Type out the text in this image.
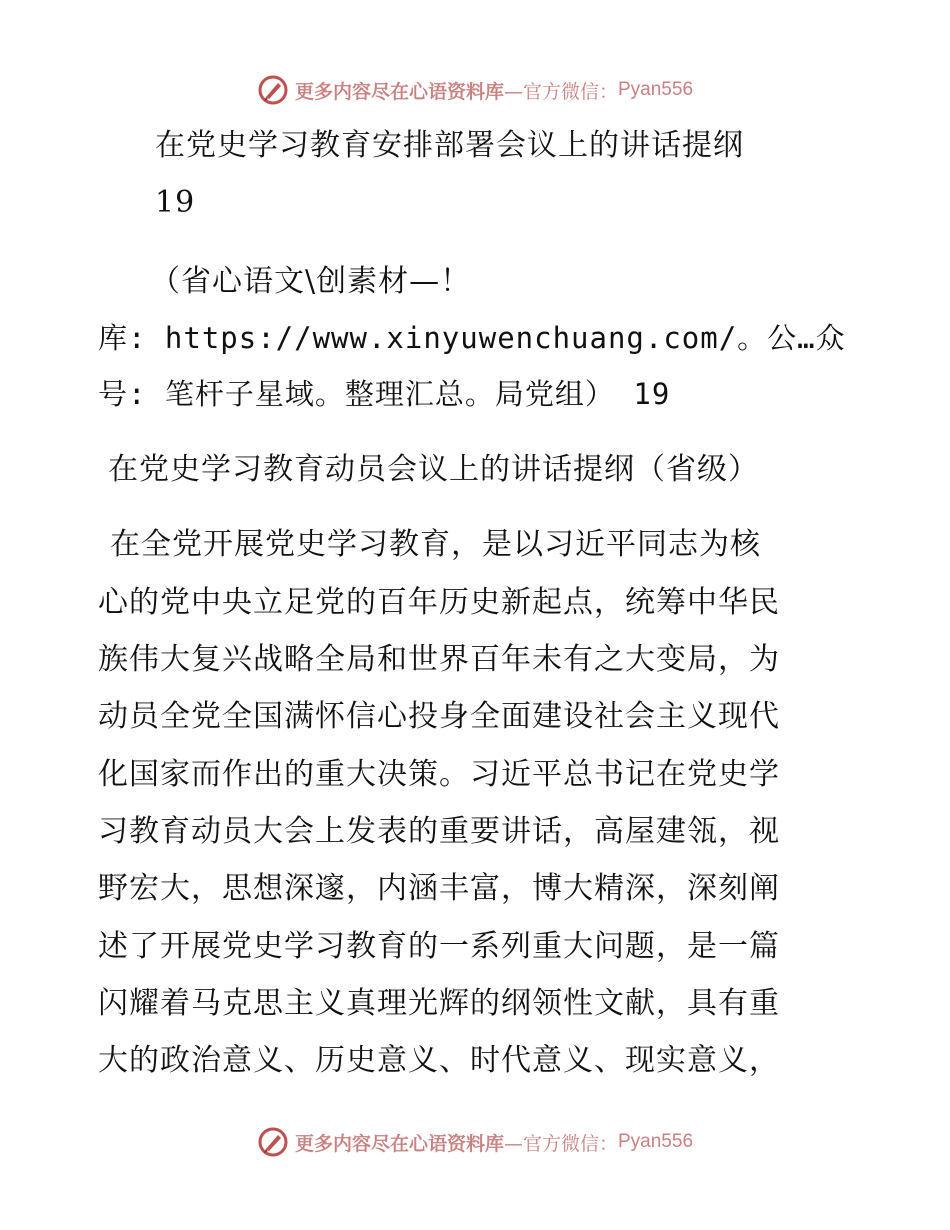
更多内容尽在心语资料库 —官方微信： Pyan556
在党史学习教育安排部署会议上的讲话提纲
19
（省心语文\创素材—！
库: https://www.xinyuwenchuang.com/。公…众
号: 笔杆子星域。整理汇总。局党组） 19
在党史学习教育动员会议上的讲话提纲（省级）
在全党开展党史学习教育，是以习近平同志为核
心的党中央立足党的百年历史新起点，统筹中华民
族伟大复兴战略全局和世界百年未有之大变局，为
动员全党全国满怀信心投身全面建设社会主义现代
化国家而作出的重大决策。习近平总书记在党史学
习教育动员大会上发表的重要讲话，高屋建瓴，视
野宏大，思想深邃，内涵丰富，博大精深，深刻阐
述了开展党史学习教育的一系列重大问题，是一篇
闪耀着马克思主义真理光辉的纲领性文献，具有重
大的政治意义、历史意义、时代意义、现实意义，
更多内容尽在心语资料库 —官方微信： Pyan556
